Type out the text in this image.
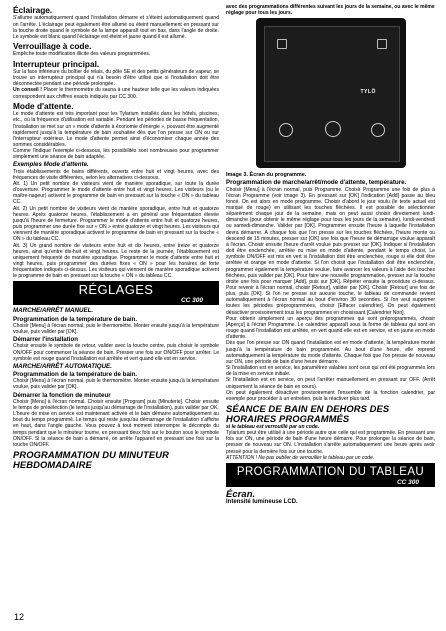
Éclairage.

S'allume automatiquement quand l'installation démarre et s'éteint automatiquement quand on l'arrête. L'éclairage peut également être allumé ou éteint manuellement en pressant sur la touche droite quand le symbole de la lampe apparaît tout en bas, dans l'angle de droite. Le symbole est blanc quand l'éclairage est éteint et jaune quand il est allumé.

Verrouillage à code.

Empêche toute modification illicite des valeurs programmées.

Interrupteur principal.

Sur la face inférieure du boîtier de relais, du pôle SE et des petits générateurs de vapeur, se trouve un interrupteur principal qui n'a besoin d'être utilisé que si l'installation doit être déconnectée pendant une période prolongée.

Un conseil ! Placer le thermomètre du sauna à une hauteur telle que les valeurs indiquées correspondent aux chiffres exacts indiqués par CC 300.

Mode d'attente.

Le mode d'attente est très important pour les Tylarium installés dans les hôtels, piscines, etc., où la fréquence d'utilisation est variable. Pendant les périodes de basse fréquentation, l'installation se met sur un « mode d'attente à économie d'énergie », pouvant être augmenté rapidement jusqu'à la température de bain souhaitée dès que l'on presse sur ON ou sur l'interrupteur extérieur. Le mode d'attente permet ainsi d'économiser chaque année des sommes considérables.

Comme l'indique l'exemple ci-dessous, les possibilités sont nombreuses pour programmer simplement une séance de bain adaptée.

Exemples Mode d'attente.

Trois établissements de bains différents, ouverts entre huit et vingt heures, avec des fréquences de visite différentes, selon les alternatives ci-dessous.

Alt. 1) Un petit nombre de visiteurs vient de manière sporadique, sur toute la durée d'ouverture. Programmer le mode d'attente entre huit et vingt heures. Les visiteurs (ou le maître-nageur) activent le programme de bain en pressant sur la touche « ON » du tableau CC.

Alt. 2) Un petit nombre de visiteurs vient de manière sporadique, entre huit et quatorze heures. Après quatorze heures, l'établissement a en général une fréquentation élevée jusqu'à l'heure de fermeture. Programmer le mode d'attente entre huit et quatorze heures, puis programmer une durée fixe sur « ON » entre quatorze et vingt heures. Les visiteurs qui viennent de manière sporadique activent le programme de bain en pressant sur la touche « ON » du tableau CC.

Alt. 3) Un grand nombre de visiteurs entre huit et dix heures, entre treize et quatorze heures, ainsi qu'entre dix-huit et vingt heures. Le reste de la journée, l'établissement est uniquement fréquenté de manière sporadique. Programmer le mode d'attente entre huit et vingt heures, puis programmer des durées fixes « ON » pour les horaires de forte fréquentation indiqués ci-dessus. Les visiteurs qui viennent de manière sporadique activent le programme de bain en pressant sur la touche « ON » du tableau CC.

RÉGLAGES
CC 300
MARCHE/ARRÊT MANUEL.
Programmation de la température de bain.

Choisir [Menu] à l'écran normal, puis le thermomètre. Monter ensuite jusqu'à la température voulue, puis valider par [OK].

Démarrer l'installation

Choisir ensuite le symbole de retour, valider avec la touche centre, puis choisir le symbole ON/OFF pour commencer la séance de bain. Presser une fois sur ON/OFF pour arrêter. Le symbole est rouge quand l'installation est arrêtée et vert quand elle est en service.

MARCHE/ARRÊT AUTOMATIQUE.
Programmation de la température de bain.

Choisir [Menu] à l'écran normal, puis le thermomètre. Monter ensuite jusqu'à la température voulue, puis valider par [OK].

Démarrer la fonction de minuteur

Choisir [Menu] à l'écran normal. Choisir ensuite [Program] puis [Minuterie]. Choisir ensuite le temps de présélection (le temps jusqu'au démarrage de l'installation), puis valider par OK.

L'heure de mise en service est maintenant activée et le bain démarre automatiquement au bout du temps programmé. Le temps qui reste jusqu'au démarrage de l'installation s'affiche en haut, dans l'angle gauche. Vous pouvez à tout moment interrompre le décompte du temps pendant que le minuteur tourne, en pressant deux fois sur le bouton sous le symbole ON/OFF. Si la séance de bain a démarré, on arrête l'appareil en pressant une fois sur la touche ON/OFF.

PROGRAMMATION DU MINUTEUR HEBDOMADAIRE

avec des programmations différentes suivant les jours de la semaine, ou avec le même réglage pour tous les jours.

TYLÖ
Image 3. Écran du programme.
Programmation de marche/arrêt/mode d'attente, température.

Choisir [Menu] à l'écran normal, puis Programme. Choisir Programme une fois de plus à l'écran Programme (voir image 3). En pressant sur [OK] l'indication [Add] passe au bleu foncé. On est alors en mode programme. Choisir d'abord le jour voulu (le texte actuel est marqué de rouge) en utilisant les touches fléchées. Il est possible de sélectionner séparément chaque jour de la semaine, mais on peut aussi choisir directement lundi-dimanche (pour obtenir le même réglage pour tous les jours de la semaine), lundi-vendredi ou samedi-dimanche. Valider par [OK]. Programmer ensuite l'heure à laquelle l'installation devra démarrer. À chaque fois que l'on presse sur les touches fléchées, l'heure monte ou descend de 15 minutes, presser sur [OK] une fois que l'heure de démarrage voulue apparaît à l'écran. Choisir ensuite l'heure d'arrêt voulue puis presser sur [OK]. Indiquer si l'installation doit être enclenchée, arrêtée ou mise en mode d'attente, pendant le temps choisi. Le symbole ON/OFF est mis en vert si l'installation doit être enclenchée, rouge si elle doit être arrêtée et orange en mode d'attente. Si l'on choisit que l'installation doit être enclenchée, programmer également la température voulue, faire avancer les valeurs à l'aide des touches fléchées, puis valider par [OK]. Pour faire une nouvelle programmation, presser sur la touche droite une fois pour marquer [Add], puis sur [OK]. Répéter ensuite la procédure ci-dessus. Pour revenir à l'écran normal, choisir [Retour], valider par [OK]. Choisir [Retour] une fois de plus, puis [OK]. Si l'on ne presse sur aucune touche, le tableau de commande revient automatiquement à l'écran normal au bout d'environ 30 secondes. Si l'on veut supprimer toutes les périodes préprogrammées, choisir [Effacer calendrier]. On peut également désactiver provisoirement tous les programmes en choisissant [Calendrier Non].

Pour obtenir simplement un aperçu des programmes qui sont préprogrammés, choisir [Aperçu] à l'écran Programme. Le calendrier apparaît sous la forme de tableau qui sont en rouge quand l'installation est arrêtée, en vert quand elle est en service, et en jaune en mode d'attente.

Dès que l'on presse sur ON quand l'installation est en mode d'attente, la température monte jusqu'à la température de bain programmée. Au bout d'une heure, elle reprend automatiquement la température du mode d'attente. Chaque fois que l'on presse de nouveau sur ON, une période de bain d'une heure démarre.

Si l'installation est en service, les paramètres valables sont ceux qui ont été programmés lors de la mise en service initiale.

Si l'installation est en service, on peut l'arrêter manuellement en pressant sur OFF. (Arrêt uniquement la séance de bain en cours).

On peut également désactiver provisoirement l'ensemble de la fonction calendrier, par exemple pour procéder à un entretien, puis la réactiver plus tard.

SÉANCE DE BAIN EN DEHORS DES HORAIRES PROGRAMMÉS

si le tableau est verrouillé par un code.

Tylarium peut être utilisé à une période autre que celle qui est programmée. En pressant une fois sur ON, une période de bain d'une heure démarre. Pour prolonger la séance de bain, presser de nouveau sur ON. L'installation s'arrête automatiquement une heure après avoir pressé pour la dernière fois sur une touche.

ATTENTION ! Ne pas oublier de verrouiller le tableau par un code.

PROGRAMMATION DU TABLEAU
CC 300
Écran.

Intensité lumineuse LCD.

12
